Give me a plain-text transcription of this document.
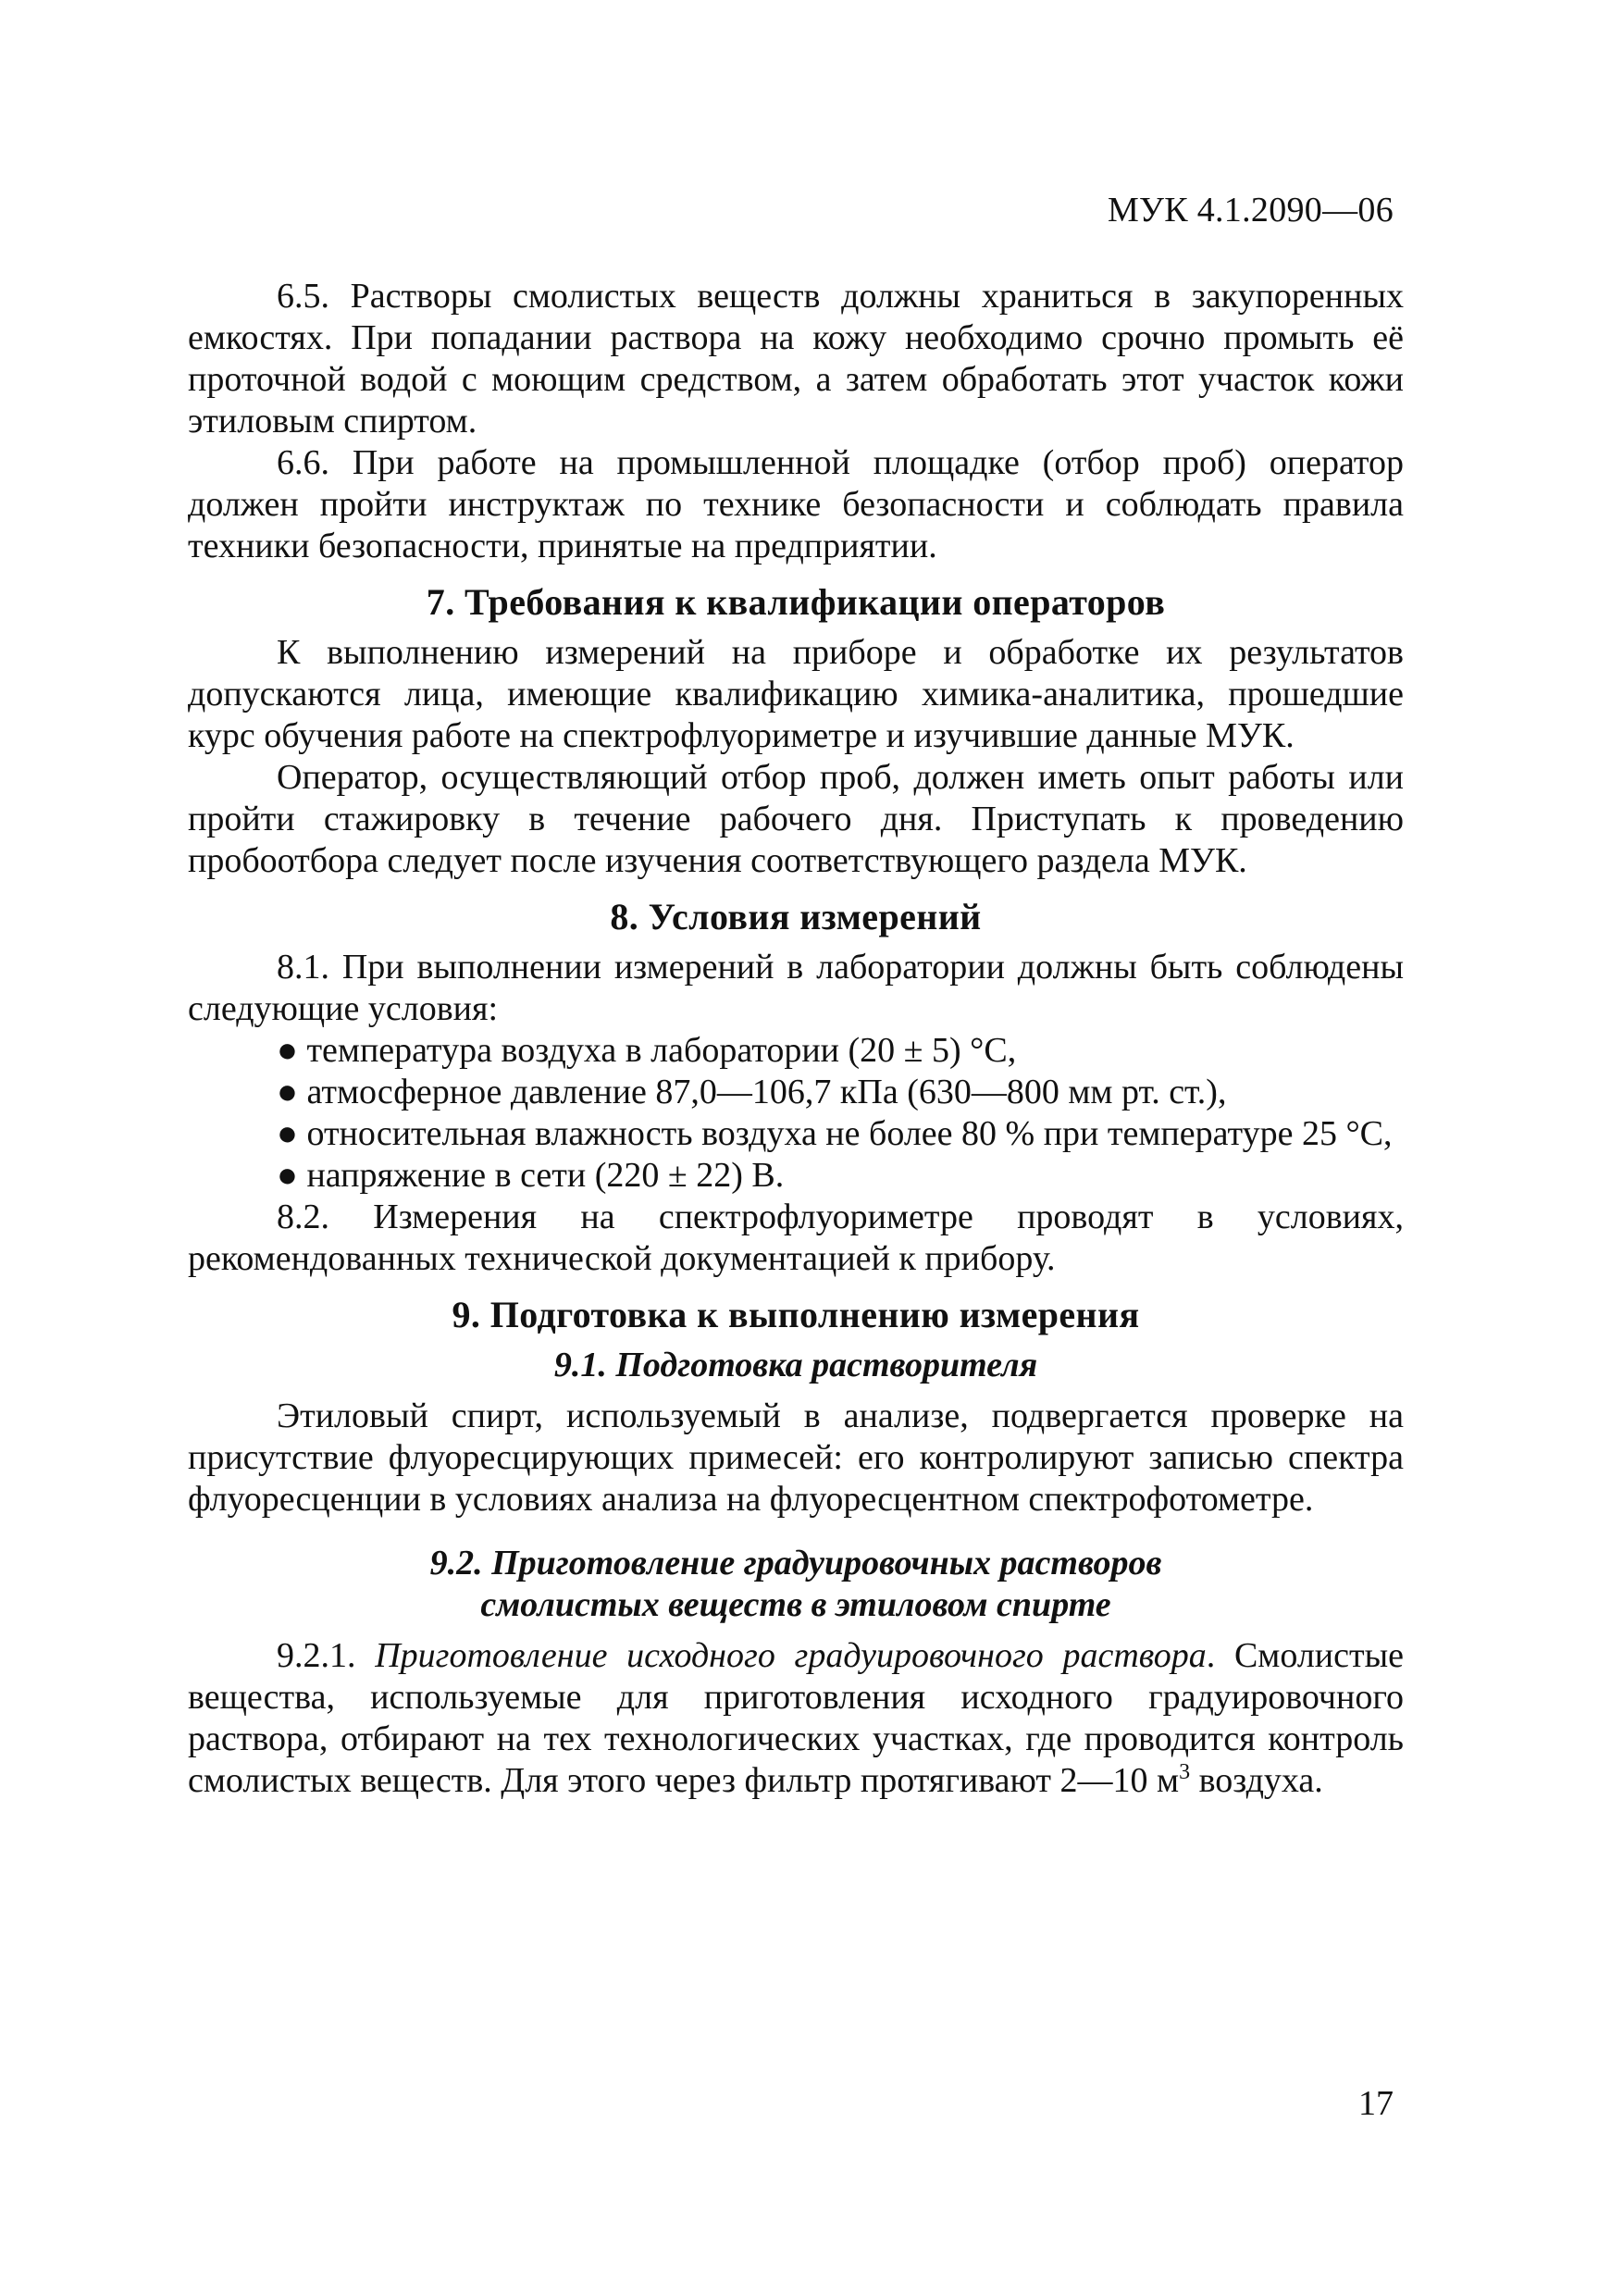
МУК 4.1.2090—06

6.5. Растворы смолистых веществ должны храниться в закупоренных емкостях. При попадании раствора на кожу необходимо срочно промыть её проточной водой с моющим средством, а затем обработать этот участок кожи этиловым спиртом.

6.6. При работе на промышленной площадке (отбор проб) оператор должен пройти инструктаж по технике безопасности и соблюдать правила техники безопасности, принятые на предприятии.

7. Требования к квалификации операторов

К выполнению измерений на приборе и обработке их результатов допускаются лица, имеющие квалификацию химика-аналитика, прошедшие курс обучения работе на спектрофлуориметре и изучившие данные МУК.

Оператор, осуществляющий отбор проб, должен иметь опыт работы или пройти стажировку в течение рабочего дня. Приступать к проведению пробоотбора следует после изучения соответствующего раздела МУК.

8. Условия измерений

8.1. При выполнении измерений в лаборатории должны быть соблюдены следующие условия:

● температура воздуха в лаборатории (20 ± 5) °С,

● атмосферное давление 87,0—106,7 кПа (630—800 мм рт. ст.),

● относительная влажность воздуха не более 80 % при температуре 25 °С,

● напряжение в сети (220 ± 22) В.

8.2. Измерения на спектрофлуориметре проводят в условиях, рекомендованных технической документацией к прибору.

9. Подготовка к выполнению измерения
9.1. Подготовка растворителя

Этиловый спирт, используемый в анализе, подвергается проверке на присутствие флуоресцирующих примесей: его контролируют записью спектра флуоресценции в условиях анализа на флуоресцентном спектрофотометре.

9.2. Приготовление градуировочных растворов
смолистых веществ в этиловом спирте

9.2.1. Приготовление исходного градуировочного раствора. Смолистые вещества, используемые для приготовления исходного градуировочного раствора, отбирают на тех технологических участках, где проводится контроль смолистых веществ. Для этого через фильтр протягивают 2—10 $м^3$ воздуха.

17
